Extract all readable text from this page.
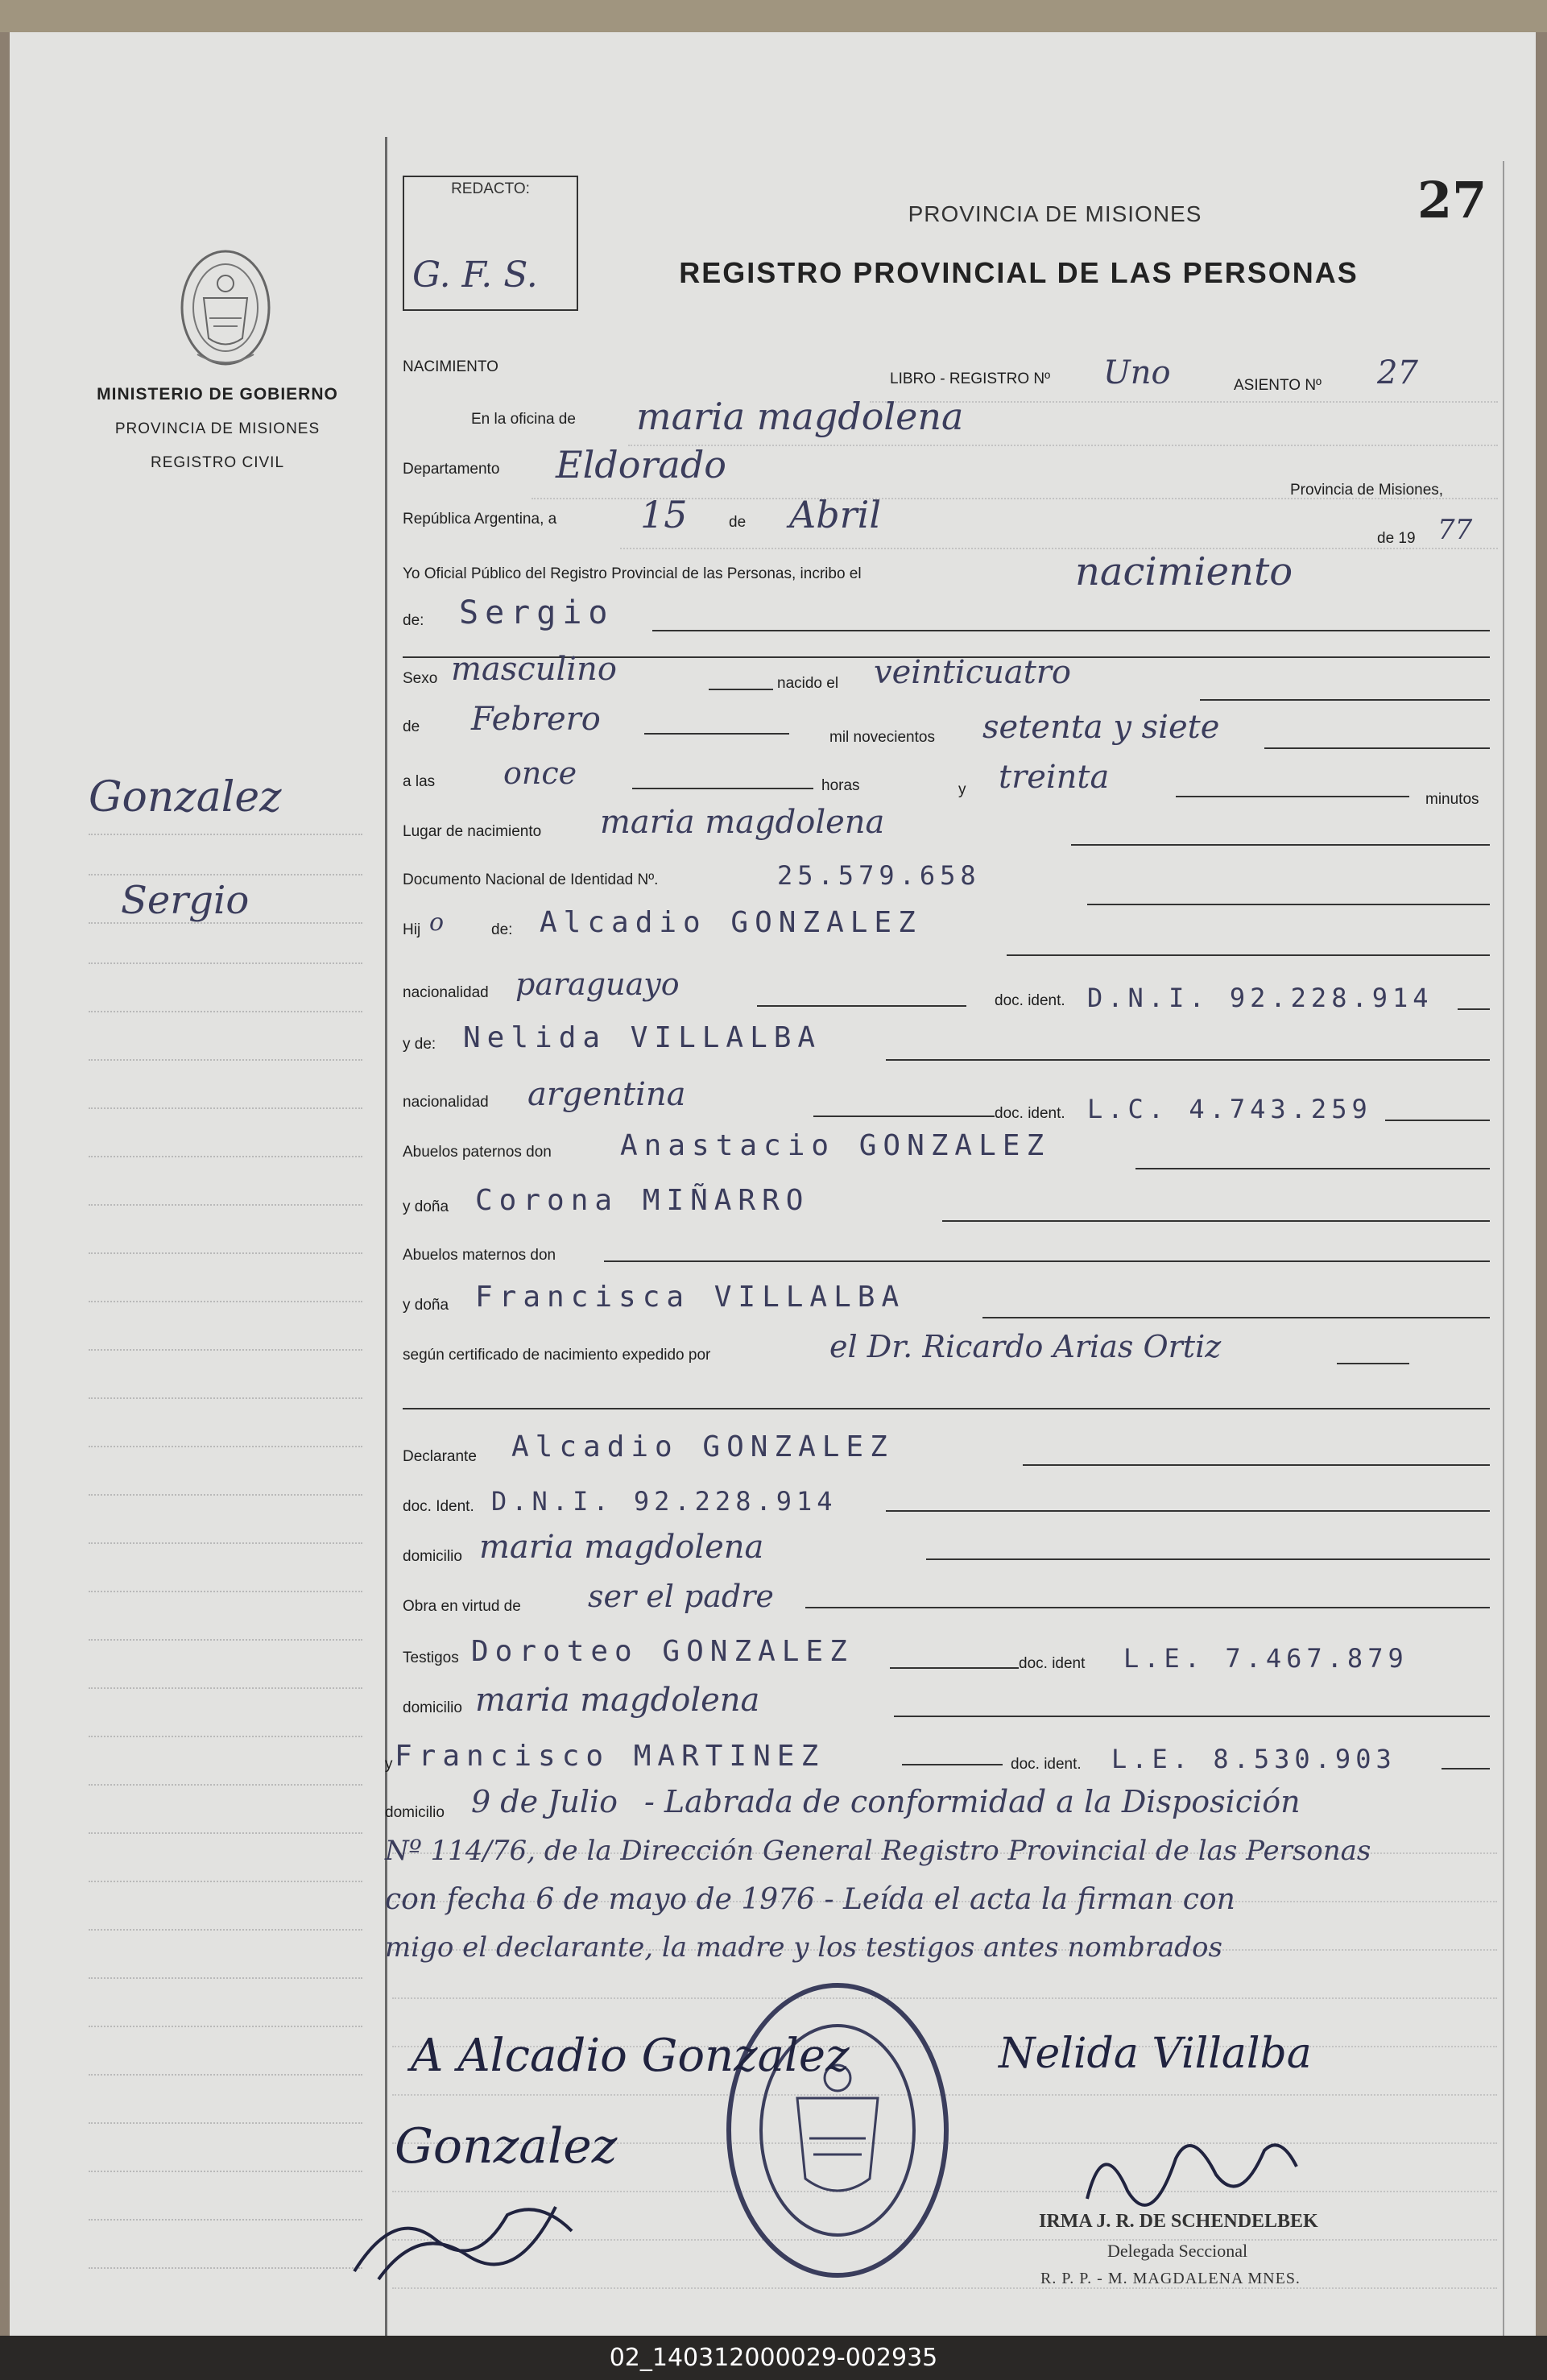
MINISTERIO DE GOBIERNO
PROVINCIA DE MISIONES
REGISTRO CIVIL
Gonzalez
Sergio
REDACTO:
G. F. S.
PROVINCIA DE MISIONES
REGISTRO PROVINCIAL DE LAS PERSONAS
27
NACIMIENTO
LIBRO - REGISTRO Nº Uno	ASIENTO Nº 27
En la oficina de maria magdolena
Departamento Eldorado
Provincia de Misiones,
República Argentina, a 15	de Abril
de 19 77
Yo Oficial Público del Registro Provincial de las Personas, incribo el	nacimiento
de: Sergio
Sexo masculino	nacido el veinticuatro
de Febrero	mil novecientos setenta y siete
a las once	horas	y treinta
minutos
Lugar de nacimiento maria magdolena
Documento Nacional de Identidad Nº.	25.579.658
Hij o	de: Alcadio GONZALEZ
nacionalidad paraguayo	doc. ident. D.N.I. 92.228.914
y de: Nelida VILLALBA
nacionalidad argentina
doc. ident. L.C. 4.743.259
Abuelos paternos don Anastacio GONZALEZ
y doña Corona MIÑARRO
Abuelos maternos don
y doña Francisca VILLALBA
según certificado de nacimiento expedido por	el Dr. Ricardo Arias Ortiz
Declarante Alcadio GONZALEZ
doc. Ident. D.N.I. 92.228.914
domicilio maria magdolena
Obra en virtud de ser el padre
Testigos Doroteo GONZALEZ	doc. ident L.E. 7.467.879
domicilio maria magdolena
y Francisco MARTINEZ	doc. ident. L.E. 8.530.903
domicilio 9 de Julio - Labrada de conformidad a la Disposición
Nº 114/76, de la Dirección General Registro Provincial de las Personas
con fecha 6 de mayo de 1976 - Leída el acta la firman con
migo el declarante, la madre y los testigos antes nombrados
A Alcadio Gonzalez	Nelida Villalba
Gonzalez
IRMA J. R. DE SCHENDELBEK
Delegada Seccional
R. P. P. - M. MAGDALENA MNES.
02_140312000029-002935
